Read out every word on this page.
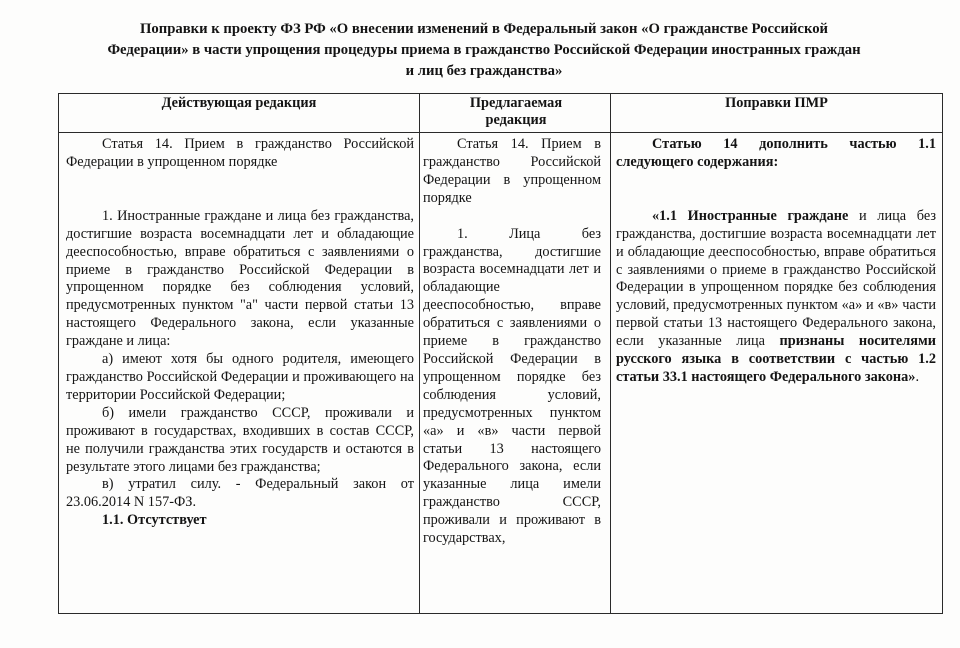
Поправки к проекту ФЗ РФ «О внесении изменений в Федеральный закон «О гражданстве Российской
Федерации» в части упрощения процедуры приема в гражданство Российской Федерации иностранных граждан
и лиц без гражданства»
Действующая редакция	Предлагаемая редакция
Поправки ПМР

Статья 14. Прием в гражданство Российской Федерации в упрощенном порядке

1. Иностранные граждане и лица без гражданства, достигшие возраста восемнадцати лет и обладающие дееспособностью, вправе обратиться с заявлениями о приеме в гражданство Российской Федерации в упрощенном порядке без соблюдения условий, предусмотренных пунктом "а" части первой статьи 13 настоящего Федерального закона, если указанные граждане и лица:

а) имеют хотя бы одного родителя, имеющего гражданство Российской Федерации и проживающего на территории Российской Федерации;

б) имели гражданство СССР, проживали и проживают в государствах, входивших в состав СССР, не получили гражданства этих государств и остаются в результате этого лицами без гражданства;

в) утратил силу. - Федеральный закон от 23.06.2014 N 157-ФЗ.

1.1. Отсутствует

Статья 14. Прием в гражданство Российской Федерации в упрощенном порядке

1. Лица без гражданства, достигшие возраста восемнадцати лет и обладающие дееспособностью, вправе обратиться с заявлениями о приеме в гражданство Российской Федерации в упрощенном порядке без соблюдения условий, предусмотренных пунктом «а» и «в» части первой статьи 13 настоящего Федерального закона, если указанные лица имели гражданство СССР, проживали и проживают в государствах,

Статью 14 дополнить частью 1.1 следующего содержания:

«1.1 Иностранные граждане и лица без гражданства, достигшие возраста восемнадцати лет и обладающие дееспособностью, вправе обратиться с заявлениями о приеме в гражданство Российской Федерации в упрощенном порядке без соблюдения условий, предусмотренных пунктом «а» и «в» части первой статьи 13 настоящего Федерального закона, если указанные лица признаны носителями русского языка в соответствии с частью 1.2 статьи 33.1 настоящего Федерального закона».
